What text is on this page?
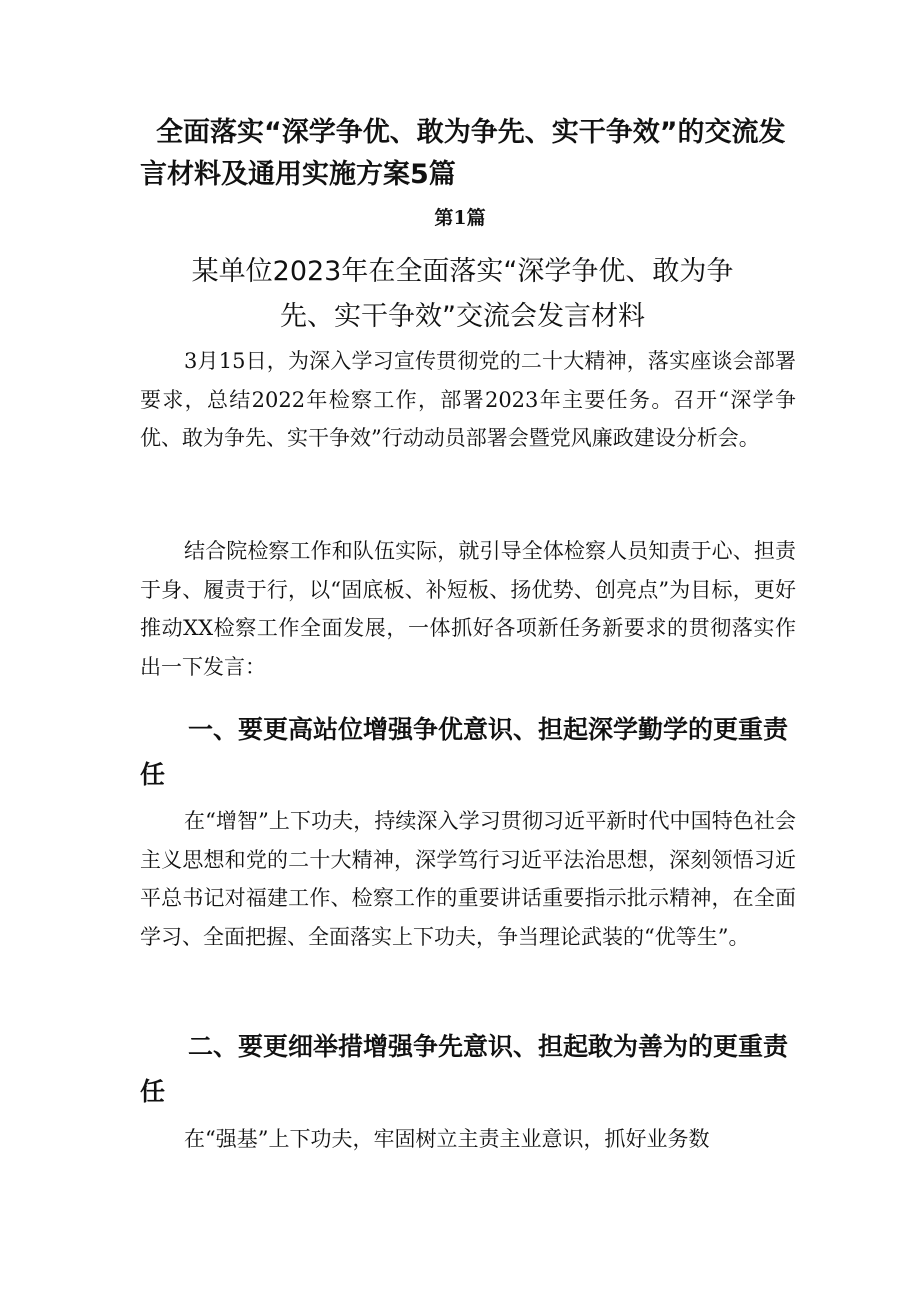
全面落实“深学争优、敢为争先、实干争效”的交流发言材料及通用实施方案5篇
第1篇
某单位2023年在全面落实“深学争优、敢为争先、实干争效”交流会发言材料

3月15日，为深入学习宣传贯彻党的二十大精神，落实座谈会部署要求，总结2022年检察工作，部署2023年主要任务。召开“深学争优、敢为争先、实干争效”行动动员部署会暨党风廉政建设分析会。

结合院检察工作和队伍实际，就引导全体检察人员知责于心、担责于身、履责于行，以“固底板、补短板、扬优势、创亮点”为目标，更好推动XX检察工作全面发展，一体抓好各项新任务新要求的贯彻落实作出一下发言：

一、要更高站位增强争优意识、担起深学勤学的更重责任

在“增智”上下功夫，持续深入学习贯彻习近平新时代中国特色社会主义思想和党的二十大精神，深学笃行习近平法治思想，深刻领悟习近平总书记对福建工作、检察工作的重要讲话重要指示批示精神，在全面学习、全面把握、全面落实上下功夫，争当理论武装的“优等生”。

二、要更细举措增强争先意识、担起敢为善为的更重责任

在“强基”上下功夫，牢固树立主责主业意识，抓好业务数
